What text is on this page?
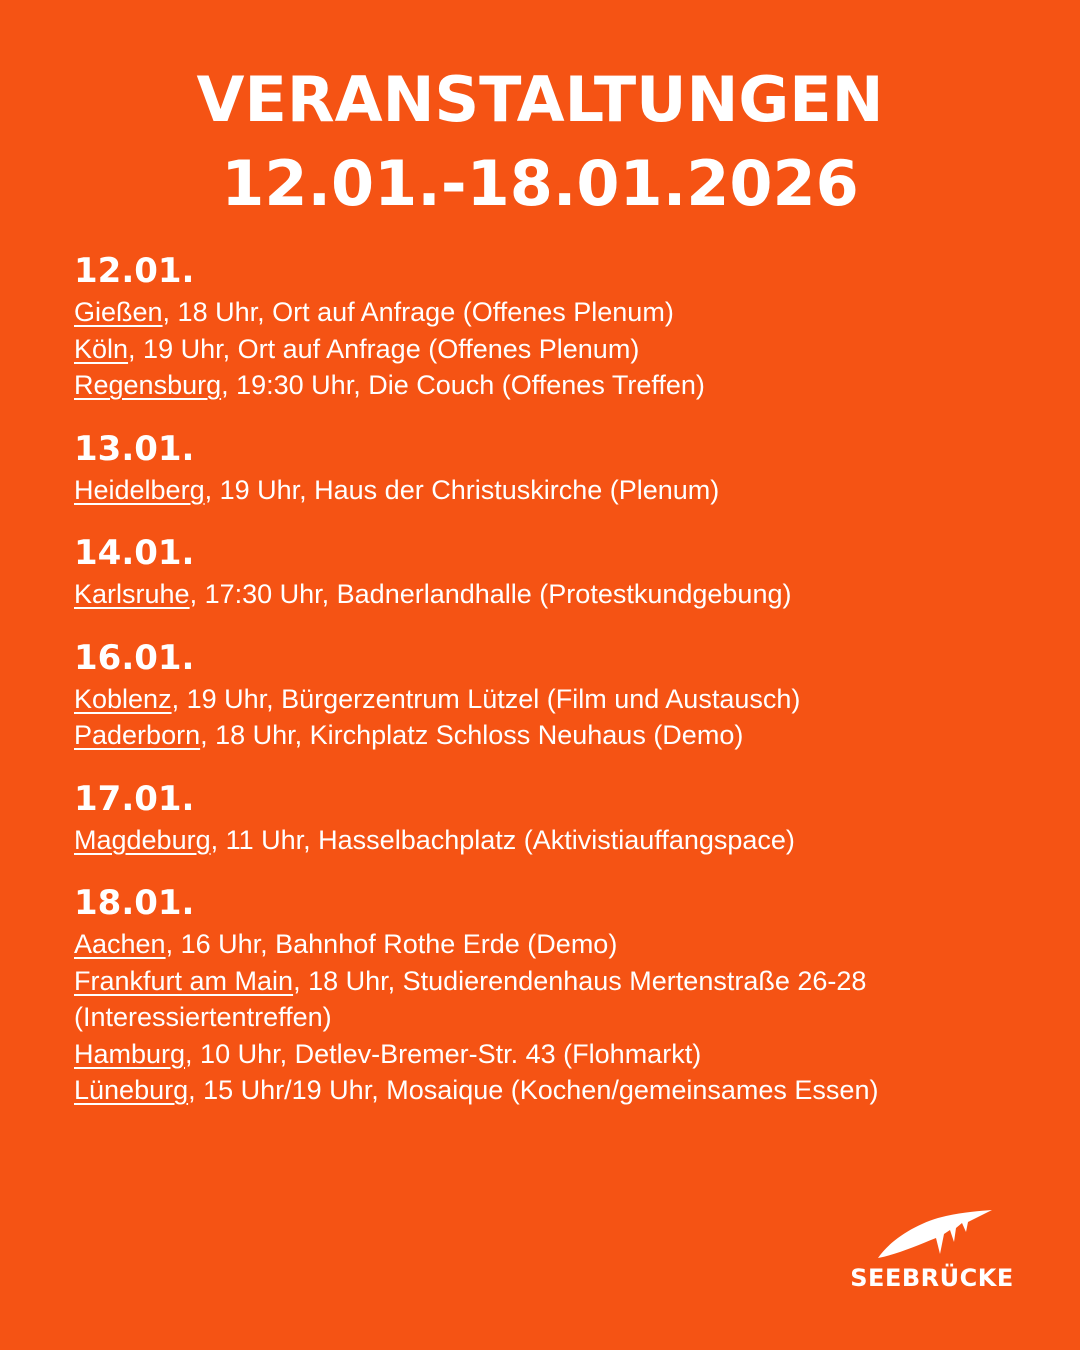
VERANSTALTUNGEN
12.01.-18.01.2026
12.01.
Gießen, 18 Uhr, Ort auf Anfrage (Offenes Plenum)
Köln, 19 Uhr, Ort auf Anfrage (Offenes Plenum)
Regensburg, 19:30 Uhr, Die Couch (Offenes Treffen)
13.01.
Heidelberg, 19 Uhr, Haus der Christuskirche (Plenum)
14.01.
Karlsruhe, 17:30 Uhr, Badnerlandhalle (Protestkundgebung)
16.01.
Koblenz, 19 Uhr, Bürgerzentrum Lützel (Film und Austausch)
Paderborn, 18 Uhr, Kirchplatz Schloss Neuhaus (Demo)
17.01.
Magdeburg, 11 Uhr, Hasselbachplatz (Aktivistiauffangspace)
18.01.
Aachen, 16 Uhr, Bahnhof Rothe Erde (Demo)
Frankfurt am Main, 18 Uhr, Studierendenhaus Mertenstraße 26-28 (Interessiertentreffen)
Hamburg, 10 Uhr, Detlev-Bremer-Str. 43 (Flohmarkt)
Lüneburg, 15 Uhr/19 Uhr, Mosaique (Kochen/gemeinsames Essen)
SEEBRÜCKE
